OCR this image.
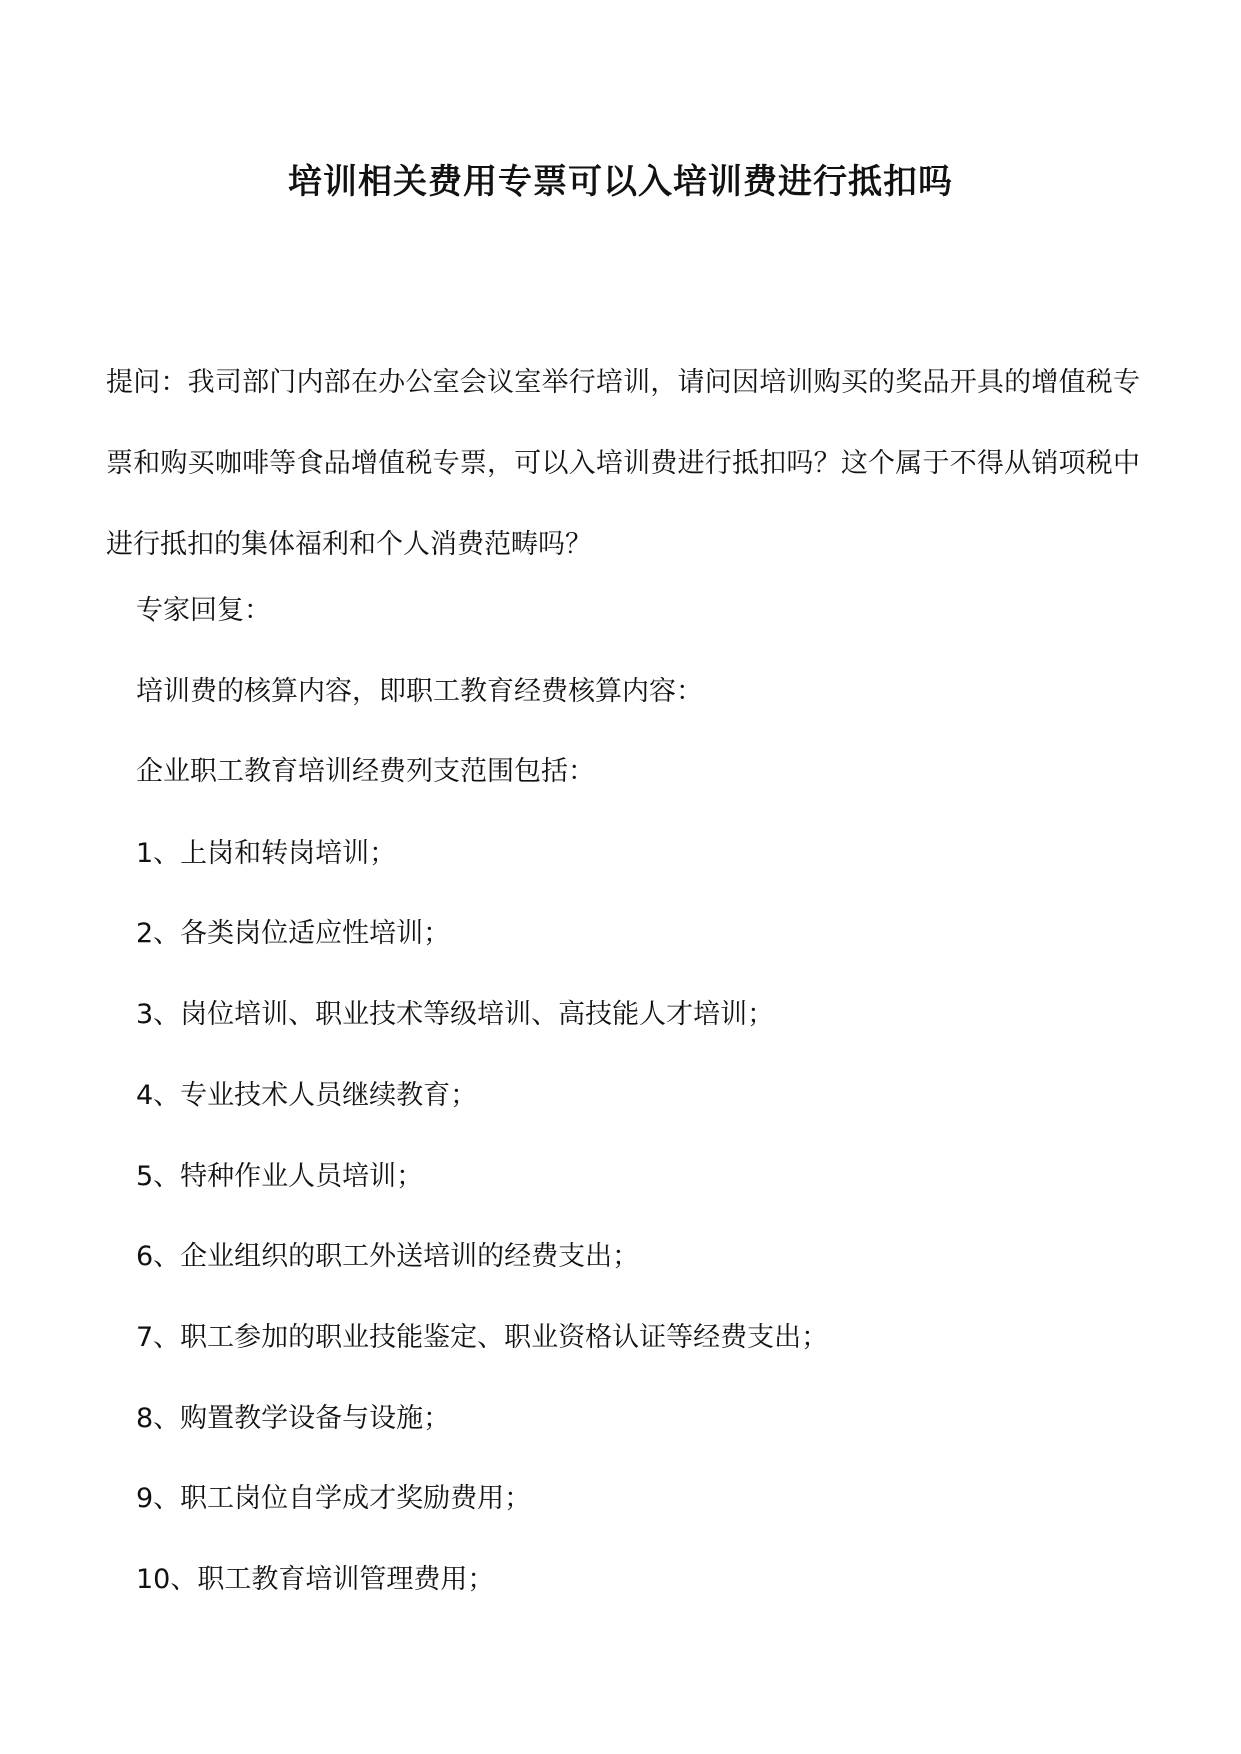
培训相关费用专票可以入培训费进行抵扣吗

提问：我司部门内部在办公室会议室举行培训，请问因培训购买的奖品开具的增值税专票和购买咖啡等食品增值税专票，可以入培训费进行抵扣吗？这个属于不得从销项税中进行抵扣的集体福利和个人消费范畴吗？

专家回复：

培训费的核算内容，即职工教育经费核算内容：

企业职工教育培训经费列支范围包括：

1、上岗和转岗培训；

2、各类岗位适应性培训；

3、岗位培训、职业技术等级培训、高技能人才培训；

4、专业技术人员继续教育；

5、特种作业人员培训；

6、企业组织的职工外送培训的经费支出；

7、职工参加的职业技能鉴定、职业资格认证等经费支出；

8、购置教学设备与设施；

9、职工岗位自学成才奖励费用；

10、职工教育培训管理费用；
